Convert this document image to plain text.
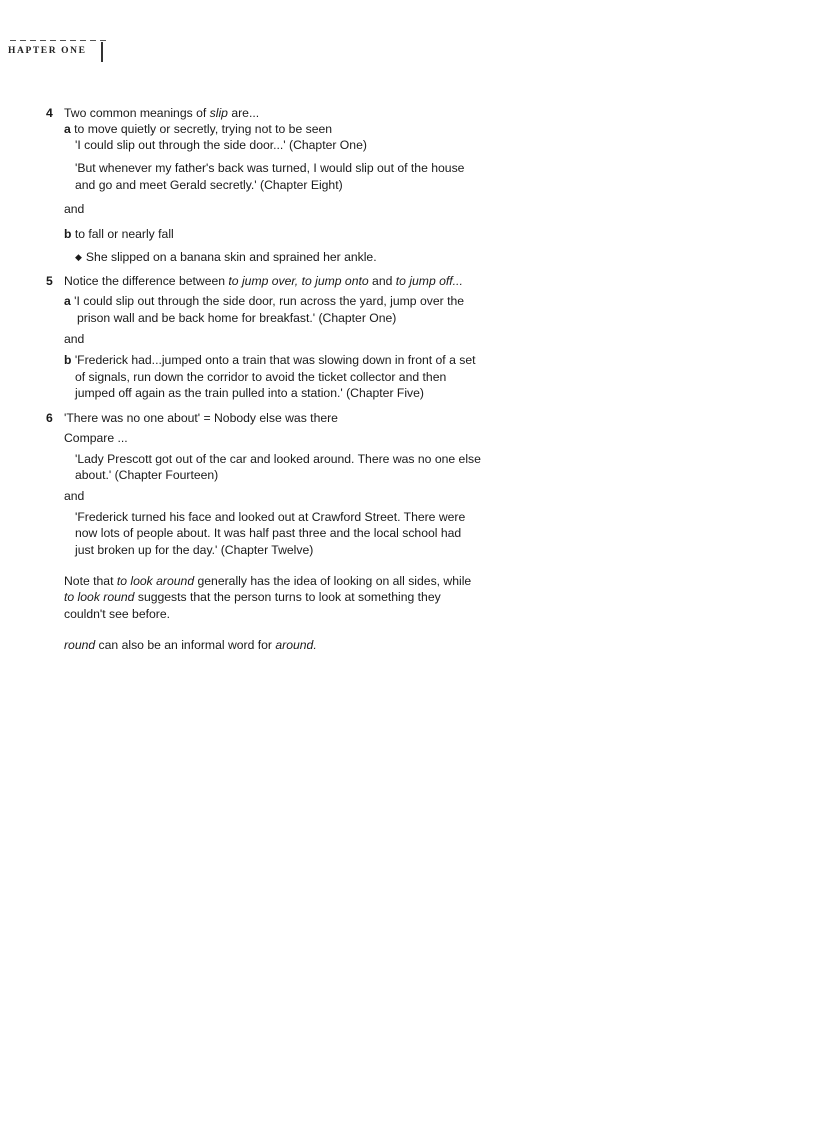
HAPTER ONE
4 Two common meanings of slip are...
a to move quietly or secretly, trying not to be seen
'I could slip out through the side door...' (Chapter One)
'But whenever my father's back was turned, I would slip out of the house
and go and meet Gerald secretly.' (Chapter Eight)
and
b to fall or nearly fall
◆ She slipped on a banana skin and sprained her ankle.
5 Notice the difference between to jump over, to jump onto and to jump off...
a 'I could slip out through the side door, run across the yard, jump over the
prison wall and be back home for breakfast.' (Chapter One)
and
b 'Frederick had...jumped onto a train that was slowing down in front of a set
of signals, run down the corridor to avoid the ticket collector and then
jumped off again as the train pulled into a station.' (Chapter Five)
6 'There was no one about' = Nobody else was there
Compare ...
'Lady Prescott got out of the car and looked around. There was no one else
about.' (Chapter Fourteen)
and
'Frederick turned his face and looked out at Crawford Street. There were
now lots of people about. It was half past three and the local school had
just broken up for the day.' (Chapter Twelve)
Note that to look around generally has the idea of looking on all sides, while
to look round suggests that the person turns to look at something they
couldn't see before.
round can also be an informal word for around.
